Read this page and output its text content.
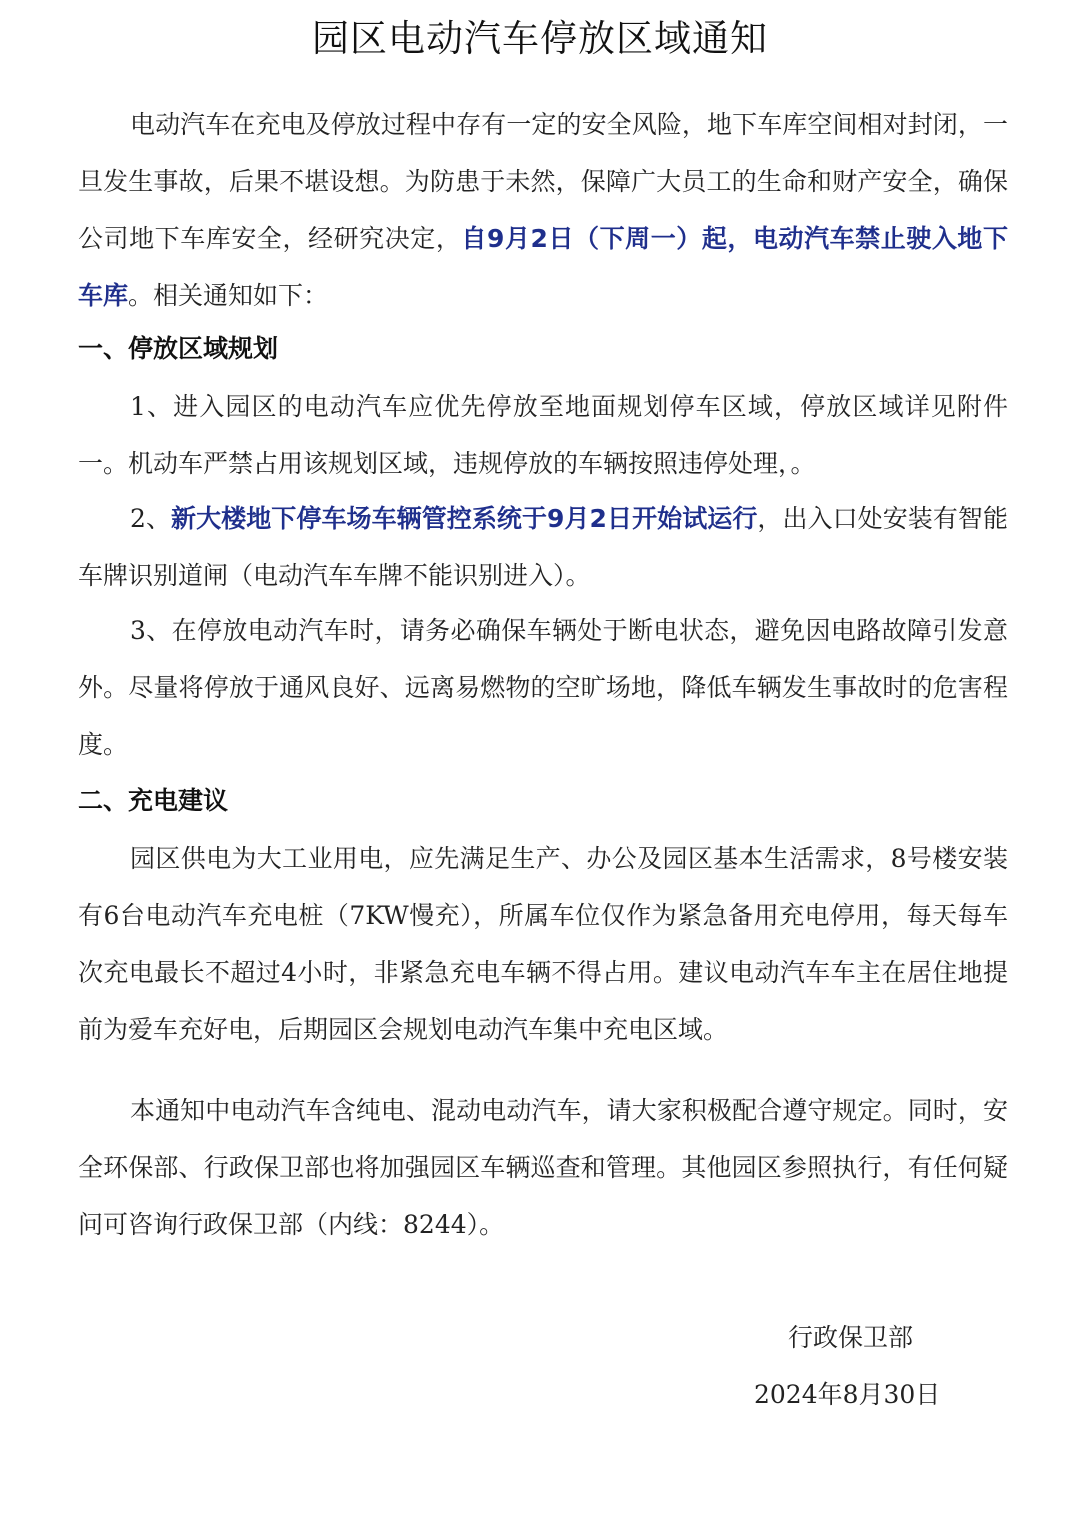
园区电动汽车停放区域通知

电动汽车在充电及停放过程中存有一定的安全风险，地下车库空间相对封闭，一旦发生事故，后果不堪设想。为防患于未然，保障广大员工的生命和财产安全，确保公司地下车库安全，经研究决定，自9月2日（下周一）起，电动汽车禁止驶入地下车库。相关通知如下：

一、停放区域规划

1、进入园区的电动汽车应优先停放至地面规划停车区域，停放区域详见附件一。机动车严禁占用该规划区域，违规停放的车辆按照违停处理，。

2、新大楼地下停车场车辆管控系统于9月2日开始试运行，出入口处安装有智能车牌识别道闸（电动汽车车牌不能识别进入）。

3、在停放电动汽车时，请务必确保车辆处于断电状态，避免因电路故障引发意外。尽量将停放于通风良好、远离易燃物的空旷场地，降低车辆发生事故时的危害程度。

二、充电建议

园区供电为大工业用电，应先满足生产、办公及园区基本生活需求，8号楼安装有6台电动汽车充电桩（7KW慢充），所属车位仅作为紧急备用充电停用，每天每车次充电最长不超过4小时，非紧急充电车辆不得占用。建议电动汽车车主在居住地提前为爱车充好电，后期园区会规划电动汽车集中充电区域。

本通知中电动汽车含纯电、混动电动汽车，请大家积极配合遵守规定。同时，安全环保部、行政保卫部也将加强园区车辆巡查和管理。其他园区参照执行，有任何疑问可咨询行政保卫部（内线：8244）。

行政保卫部
2024年8月30日
